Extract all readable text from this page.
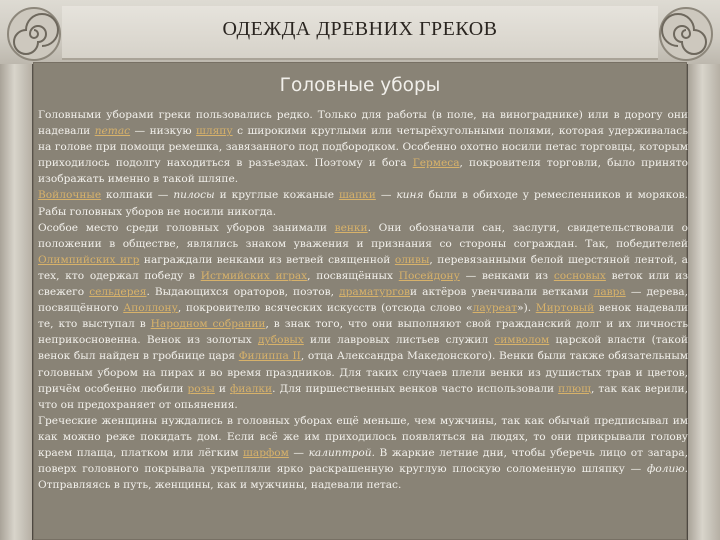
ОДЕЖДА ДРЕВНИХ ГРЕКОВ
Головные уборы

Головными уборами греки пользовались редко. Только для работы (в поле, на винограднике) или в дорогу они надевали петас — низкую шляпу с широкими круглыми или четырёхугольными полями, которая удерживалась на голове при помощи ремешка, завязанного под подбородком. Особенно охотно носили петас торговцы, которым приходилось подолгу находиться в разъездах. Поэтому и бога Гермеса, покровителя торговли, было принято изображать именно в такой шляпе.

Войлочные колпаки — пилосы и круглые кожаные шапки — киня были в обиходе у ремесленников и моряков. Рабы головных уборов не носили никогда.

Особое место среди головных уборов занимали венки. Они обозначали сан, заслуги, свидетельствовали о положении в обществе, являлись знаком уважения и признания со стороны сограждан. Так, победителей Олимпийских игр награждали венками из ветвей священной оливы, перевязанными белой шерстяной лентой, а тех, кто одержал победу в Истмийских играх, посвящённых Посейдону — венками из сосновых веток или из свежего сельдерея. Выдающихся ораторов, поэтов, драматургови актёров увенчивали ветками лавра — дерева, посвящённого Аполлону, покровителю всяческих искусств (отсюда слово «лауреат»). Миртовый венок надевали те, кто выступал в Народном собрании, в знак того, что они выполняют свой гражданский долг и их личность неприкосновенна. Венок из золотых дубовых или лавровых листьев служил символом царской власти (такой венок был найден в гробнице царя Филиппа II, отца Александра Македонского). Венки были также обязательным головным убором на пирах и во время праздников. Для таких случаев плели венки из душистых трав и цветов, причём особенно любили розы и фиалки. Для пиршественных венков часто использовали плющ, так как верили, что он предохраняет от опьянения.

Греческие женщины нуждались в головных уборах ещё меньше, чем мужчины, так как обычай предписывал им как можно реже покидать дом. Если всё же им приходилось появляться на людях, то они прикрывали голову краем плаща, платком или лёгким шарфом — калиптрой. В жаркие летние дни, чтобы уберечь лицо от загара, поверх головного покрывала укрепляли ярко раскрашенную круглую плоскую соломенную шляпку — фолию. Отправляясь в путь, женщины, как и мужчины, надевали петас.
